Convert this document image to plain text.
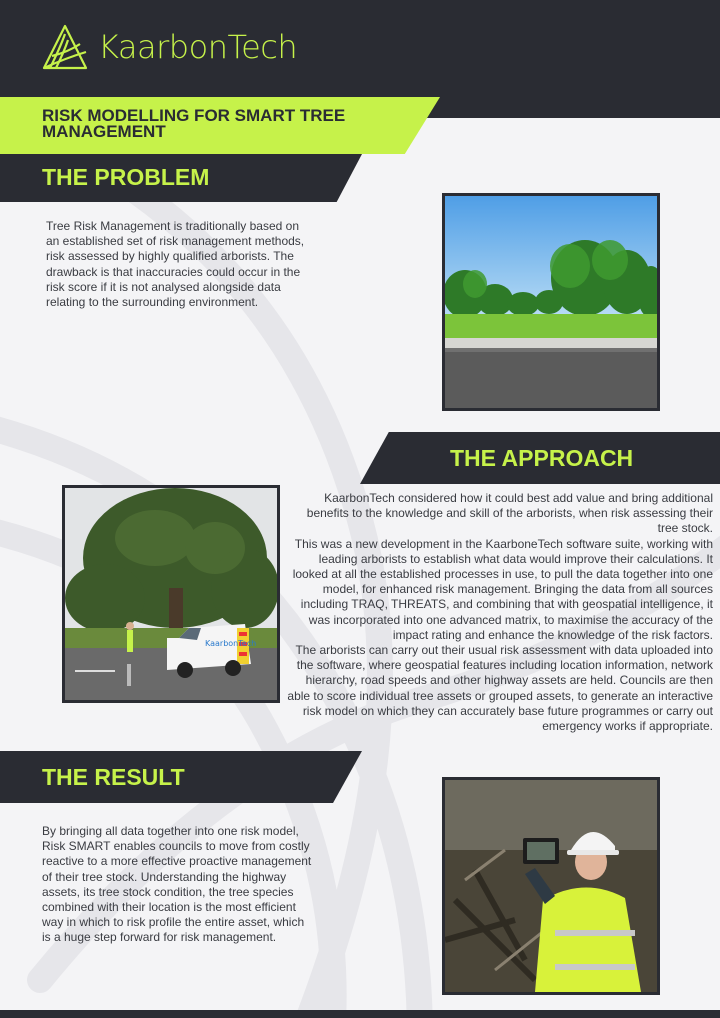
KaarbonTech
RISK MODELLING FOR SMART TREE MANAGEMENT
THE PROBLEM

Tree Risk Management is traditionally based on an established set of risk management methods, risk assessed by highly qualified arborists. The drawback is that inaccuracies could occur in the risk score if it is not analysed alongside data relating to the surrounding environment.

THE APPROACH

KaarbonTech considered how it could best add value and bring additional benefits to the knowledge and skill of the arborists, when risk assessing their tree stock.

This was a new development in the KaarboneTech software suite, working with leading arborists to establish what data would improve their calculations. It looked at all the established processes in use, to pull the data together into one model, for enhanced risk management. Bringing the data from all sources including TRAQ, THREATS, and combining that with geospatial intelligence, it was incorporated into one advanced matrix, to maximise the accuracy of the impact rating and enhance the knowledge of the risk factors.

The arborists can carry out their usual risk assessment with data uploaded into the software, where geospatial features including location information, network hierarchy, road speeds and other highway assets are held. Councils are then able to score individual tree assets or grouped assets, to generate an interactive risk model on which they can accurately base future programmes or carry out emergency works if appropriate.

KaarbonTech
THE RESULT

By bringing all data together into one risk model, Risk SMART enables councils to move from costly reactive to a more effective proactive management of their tree stock. Understanding the highway assets, its tree stock condition, the tree species combined with their location is the most efficient way in which to risk profile the entire asset, which is a huge step forward for risk management.
